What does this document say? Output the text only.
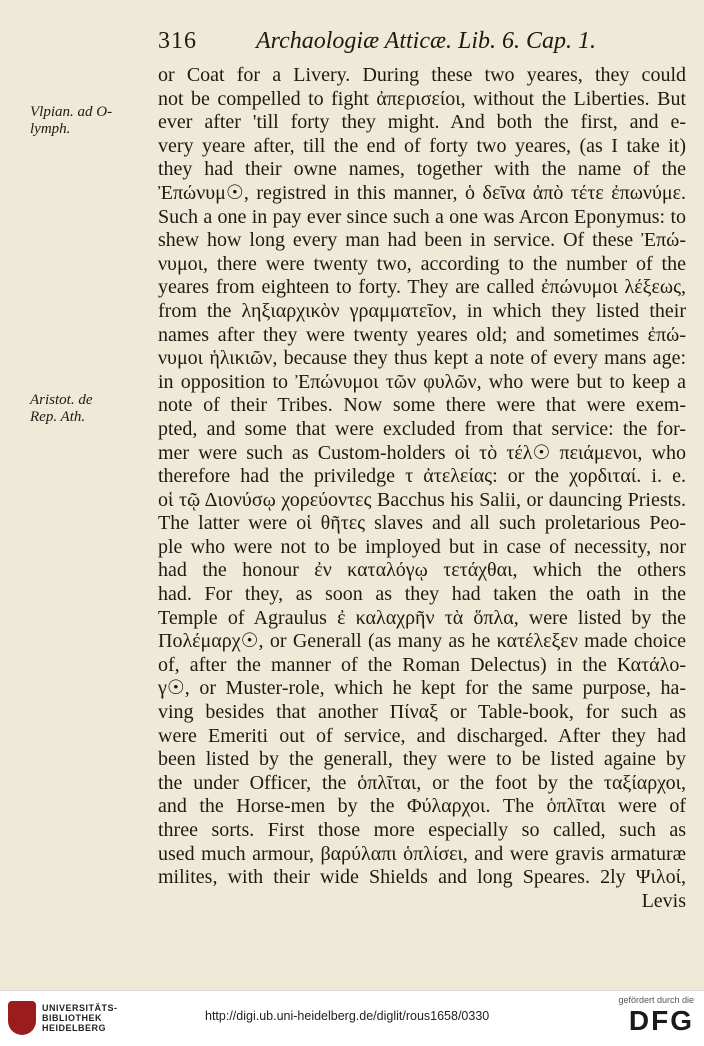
316 Archaologiæ Atticæ. Lib. 6. Cap. 1.
Vlpian. ad O-
lymph.
Aristot. de
Rep. Ath.
or Coat for a Livery. During these two yeares, they could
not be compelled to fight ἀπερισείοι, without the Liberties. But
ever after 'till forty they might. And both the first, and e-
very yeare after, till the end of forty two yeares, (as I take it)
they had their owne names, together with the name of the
Ἐπώνυμ☉, registred in this manner, ὁ δεῖνα ἀπὸ τέτε ἐπωνύμε.
Such a one in pay ever since such a one was Arcon Eponymus: to
shew how long every man had been in service. Of these Ἐπώ-
νυμοι, there were twenty two, according to the number of the
yeares from eighteen to forty. They are called ἐπώνυμοι λέξεως,
from the ληξιαρχικὸν γραμματεῖον, in which they listed their
names after they were twenty yeares old; and sometimes ἐπώ-
νυμοι ἡλικιῶν, because they thus kept a note of every mans age:
in opposition to Ἐπώνυμοι τῶν φυλῶν, who were but to keep a
note of their Tribes. Now some there were that were exem-
pted, and some that were excluded from that service: the for-
mer were such as Custom-holders οἱ τὸ τέλ☉ πειάμενοι, who
therefore had the priviledge τ ἀτελείας: or the χορδιταί. i. e.
οἱ τῷ Διονύσῳ χορεύοντες Bacchus his Salii, or dauncing Priests.
The latter were οἱ θῆτες slaves and all such proletarious Peo-
ple who were not to be imployed but in case of necessity, nor
had the honour ἐν καταλόγῳ τετάχθαι, which the others
had. For they, as soon as they had taken the oath in the
Temple of Agraulus ἐ καλαχρῆν τὰ ὅπλα, were listed by the
Πολέμαρχ☉, or Generall (as many as he κατέλεξεν made choice
of, after the manner of the Roman Delectus) in the Κατάλο-
γ☉, or Muster-role, which he kept for the same purpose, ha-
ving besides that another Πίναξ or Table-book, for such as
were Emeriti out of service, and discharged. After they had
been listed by the generall, they were to be listed againe by
the under Officer, the ὁπλῖται, or the foot by the ταξίαρχοι,
and the Horse-men by the Φύλαρχοι. The ὁπλῖται were of
three sorts. First those more especially so called, such as
used much armour, βαρύλαπι ὁπλίσει, and were gravis armaturæ
milites, with their wide Shields and long Speares. 2ly Ψιλοί,
Levis
UNIVERSITÄTS-
BIBLIOTHEK
HEIDELBERG
http://digi.ub.uni-heidelberg.de/diglit/rous1658/0330
gefördert durch die
DFG
